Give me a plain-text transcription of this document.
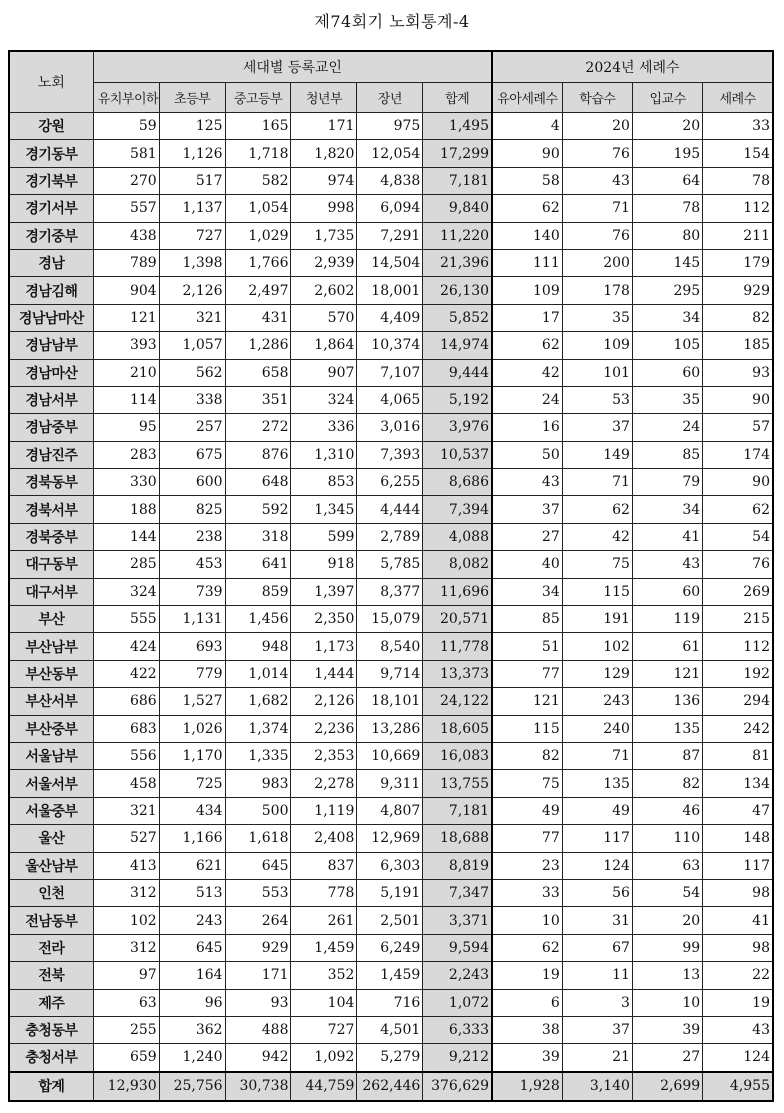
제74회기 노회통계-4
노회	세대별 등록교인						2024년 세례수			
	유치부이하	초등부	중고등부	청년부	장년	합계	유아세례수	학습수	입교수	세례수
강원	59	125	165	171	975	1,495	4	20	20	33
경기동부	581	1,126	1,718	1,820	12,054	17,299	90	76	195	154
경기북부	270	517	582	974	4,838	7,181	58	43	64	78
경기서부	557	1,137	1,054	998	6,094	9,840	62	71	78	112
경기중부	438	727	1,029	1,735	7,291	11,220	140	76	80	211
경남	789	1,398	1,766	2,939	14,504	21,396	111	200	145	179
경남김해	904	2,126	2,497	2,602	18,001	26,130	109	178	295	929
경남남마산	121	321	431	570	4,409	5,852	17	35	34	82
경남남부	393	1,057	1,286	1,864	10,374	14,974	62	109	105	185
경남마산	210	562	658	907	7,107	9,444	42	101	60	93
경남서부	114	338	351	324	4,065	5,192	24	53	35	90
경남중부	95	257	272	336	3,016	3,976	16	37	24	57
경남진주	283	675	876	1,310	7,393	10,537	50	149	85	174
경북동부	330	600	648	853	6,255	8,686	43	71	79	90
경북서부	188	825	592	1,345	4,444	7,394	37	62	34	62
경북중부	144	238	318	599	2,789	4,088	27	42	41	54
대구동부	285	453	641	918	5,785	8,082	40	75	43	76
대구서부	324	739	859	1,397	8,377	11,696	34	115	60	269
부산	555	1,131	1,456	2,350	15,079	20,571	85	191	119	215
부산남부	424	693	948	1,173	8,540	11,778	51	102	61	112
부산동부	422	779	1,014	1,444	9,714	13,373	77	129	121	192
부산서부	686	1,527	1,682	2,126	18,101	24,122	121	243	136	294
부산중부	683	1,026	1,374	2,236	13,286	18,605	115	240	135	242
서울남부	556	1,170	1,335	2,353	10,669	16,083	82	71	87	81
서울서부	458	725	983	2,278	9,311	13,755	75	135	82	134
서울중부	321	434	500	1,119	4,807	7,181	49	49	46	47
울산	527	1,166	1,618	2,408	12,969	18,688	77	117	110	148
울산남부	413	621	645	837	6,303	8,819	23	124	63	117
인천	312	513	553	778	5,191	7,347	33	56	54	98
전남동부	102	243	264	261	2,501	3,371	10	31	20	41
전라	312	645	929	1,459	6,249	9,594	62	67	99	98
전북	97	164	171	352	1,459	2,243	19	11	13	22
제주	63	96	93	104	716	1,072	6	3	10	19
충청동부	255	362	488	727	4,501	6,333	38	37	39	43
충청서부	659	1,240	942	1,092	5,279	9,212	39	21	27	124
합계	12,930	25,756	30,738	44,759	262,446	376,629	1,928	3,140	2,699	4,955
